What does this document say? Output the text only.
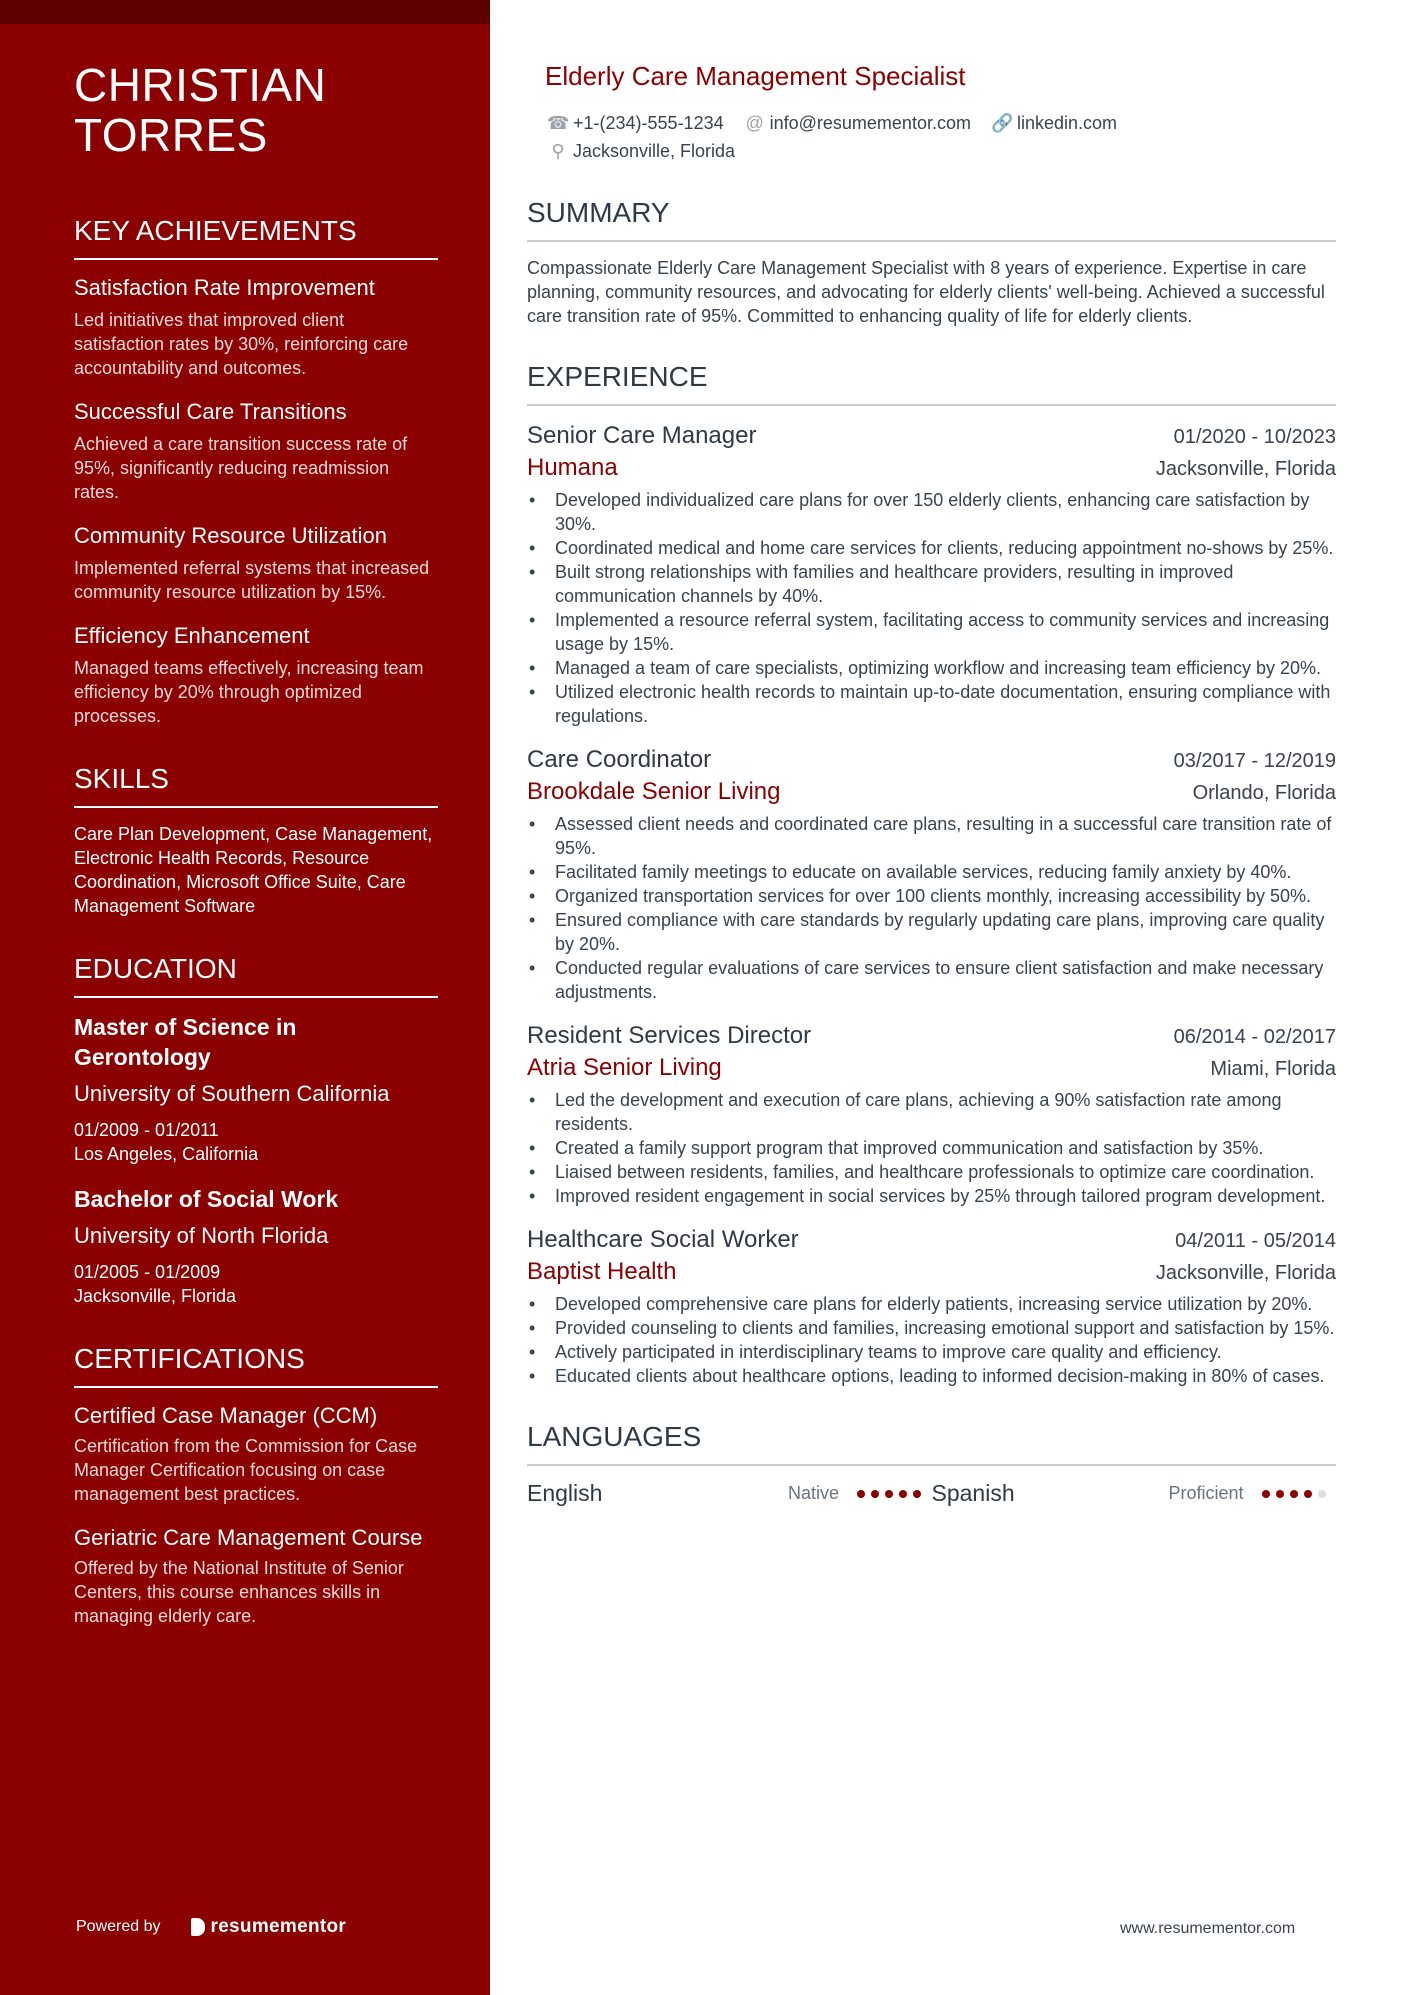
CHRISTIAN
TORRES
KEY ACHIEVEMENTS
Satisfaction Rate Improvement
Led initiatives that improved client satisfaction rates by 30%, reinforcing care accountability and outcomes.
Successful Care Transitions
Achieved a care transition success rate of 95%, significantly reducing readmission rates.
Community Resource Utilization
Implemented referral systems that increased community resource utilization by 15%.
Efficiency Enhancement
Managed teams effectively, increasing team efficiency by 20% through optimized processes.
SKILLS
Care Plan Development, Case Management, Electronic Health Records, Resource Coordination, Microsoft Office Suite, Care Management Software
EDUCATION
Master of Science in Gerontology
University of Southern California
01/2009 - 01/2011
Los Angeles, California
Bachelor of Social Work
University of North Florida
01/2005 - 01/2009
Jacksonville, Florida
CERTIFICATIONS
Certified Case Manager (CCM)
Certification from the Commission for Case Manager Certification focusing on case management best practices.
Geriatric Care Management Course
Offered by the National Institute of Senior Centers, this course enhances skills in managing elderly care.
Powered by	resumementor
Elderly Care Management Specialist
☎ +1-(234)-555-1234 @ info@resumementor.com 🔗 linkedin.com
⚲ Jacksonville, Florida
SUMMARY
Compassionate Elderly Care Management Specialist with 8 years of experience. Expertise in care planning, community resources, and advocating for elderly clients' well-being. Achieved a successful care transition rate of 95%. Committed to enhancing quality of life for elderly clients.
EXPERIENCE
Senior Care Manager	01/2020 - 10/2023
Humana	Jacksonville, Florida
• Developed individualized care plans for over 150 elderly clients, enhancing care satisfaction by 30%.
• Coordinated medical and home care services for clients, reducing appointment no-shows by 25%.
• Built strong relationships with families and healthcare providers, resulting in improved communication channels by 40%.
• Implemented a resource referral system, facilitating access to community services and increasing usage by 15%.
• Managed a team of care specialists, optimizing workflow and increasing team efficiency by 20%.
• Utilized electronic health records to maintain up-to-date documentation, ensuring compliance with regulations.
Care Coordinator	03/2017 - 12/2019
Brookdale Senior Living	Orlando, Florida
• Assessed client needs and coordinated care plans, resulting in a successful care transition rate of 95%.
• Facilitated family meetings to educate on available services, reducing family anxiety by 40%.
• Organized transportation services for over 100 clients monthly, increasing accessibility by 50%.
• Ensured compliance with care standards by regularly updating care plans, improving care quality by 20%.
• Conducted regular evaluations of care services to ensure client satisfaction and make necessary adjustments.
Resident Services Director	06/2014 - 02/2017
Atria Senior Living	Miami, Florida
• Led the development and execution of care plans, achieving a 90% satisfaction rate among residents.
• Created a family support program that improved communication and satisfaction by 35%.
• Liaised between residents, families, and healthcare professionals to optimize care coordination.
• Improved resident engagement in social services by 25% through tailored program development.
Healthcare Social Worker	04/2011 - 05/2014
Baptist Health	Jacksonville, Florida
• Developed comprehensive care plans for elderly patients, increasing service utilization by 20%.
• Provided counseling to clients and families, increasing emotional support and satisfaction by 15%.
• Actively participated in interdisciplinary teams to improve care quality and efficiency.
• Educated clients about healthcare options, leading to informed decision-making in 80% of cases.
LANGUAGES
English	Native	Spanish	Proficient
www.resumementor.com
